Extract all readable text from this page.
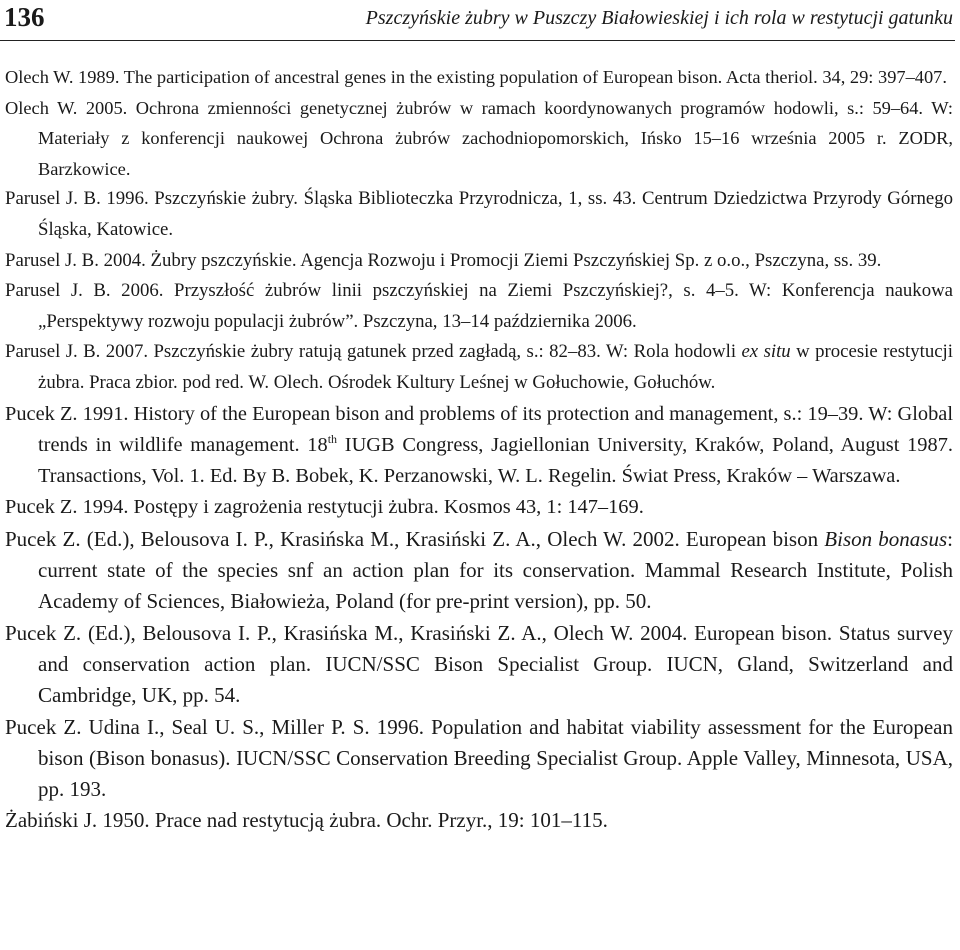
136	Pszczyńskie żubry w Puszczy Białowieskiej i ich rola w restytucji gatunku
Olech W. 1989. The participation of ancestral genes in the existing population of European bison. Acta theriol. 34, 29: 397–407.
Olech W. 2005. Ochrona zmienności genetycznej żubrów w ramach koordynowanych programów hodowli, s.: 59–64. W: Materiały z konferencji naukowej Ochrona żubrów zachodniopomorskich, Ińsko 15–16 września 2005 r. ZODR, Barzkowice.
Parusel J. B. 1996. Pszczyńskie żubry. Śląska Biblioteczka Przyrodnicza, 1, ss. 43. Centrum Dziedzictwa Przyrody Górnego Śląska, Katowice.
Parusel J. B. 2004. Żubry pszczyńskie. Agencja Rozwoju i Promocji Ziemi Pszczyńskiej Sp. z o.o., Pszczyna, ss. 39.
Parusel J. B. 2006. Przyszłość żubrów linii pszczyńskiej na Ziemi Pszczyńskiej?, s. 4–5. W: Konferencja naukowa „Perspektywy rozwoju populacji żubrów”. Pszczyna, 13–14 października 2006.
Parusel J. B. 2007. Pszczyńskie żubry ratują gatunek przed zagładą, s.: 82–83. W: Rola hodowli ex situ w procesie restytucji żubra. Praca zbior. pod red. W. Olech. Ośrodek Kultury Leśnej w Gołuchowie, Gołuchów.
Pucek Z. 1991. History of the European bison and problems of its protection and management, s.: 19–39. W: Global trends in wildlife management. 18th IUGB Congress, Jagiellonian University, Kraków, Poland, August 1987. Transactions, Vol. 1. Ed. By B. Bobek, K. Perzanowski, W. L. Regelin. Świat Press, Kraków – Warszawa.
Pucek Z. 1994. Postępy i zagrożenia restytucji żubra. Kosmos 43, 1: 147–169.
Pucek Z. (Ed.), Belousova I. P., Krasińska M., Krasiński Z. A., Olech W. 2002. European bison Bison bonasus: current state of the species snf an action plan for its conservation. Mammal Research Institute, Polish Academy of Sciences, Białowieża, Poland (for pre-print version), pp. 50.
Pucek Z. (Ed.), Belousova I. P., Krasińska M., Krasiński Z. A., Olech W. 2004. European bison. Status survey and conservation action plan. IUCN/SSC Bison Specialist Group. IUCN, Gland, Switzerland and Cambridge, UK, pp. 54.
Pucek Z. Udina I., Seal U. S., Miller P. S. 1996. Population and habitat viability assessment for the European bison (Bison bonasus). IUCN/SSC Conservation Breeding Specialist Group. Apple Valley, Minnesota, USA, pp. 193.
Żabiński J. 1950. Prace nad restytucją żubra. Ochr. Przyr., 19: 101–115.
